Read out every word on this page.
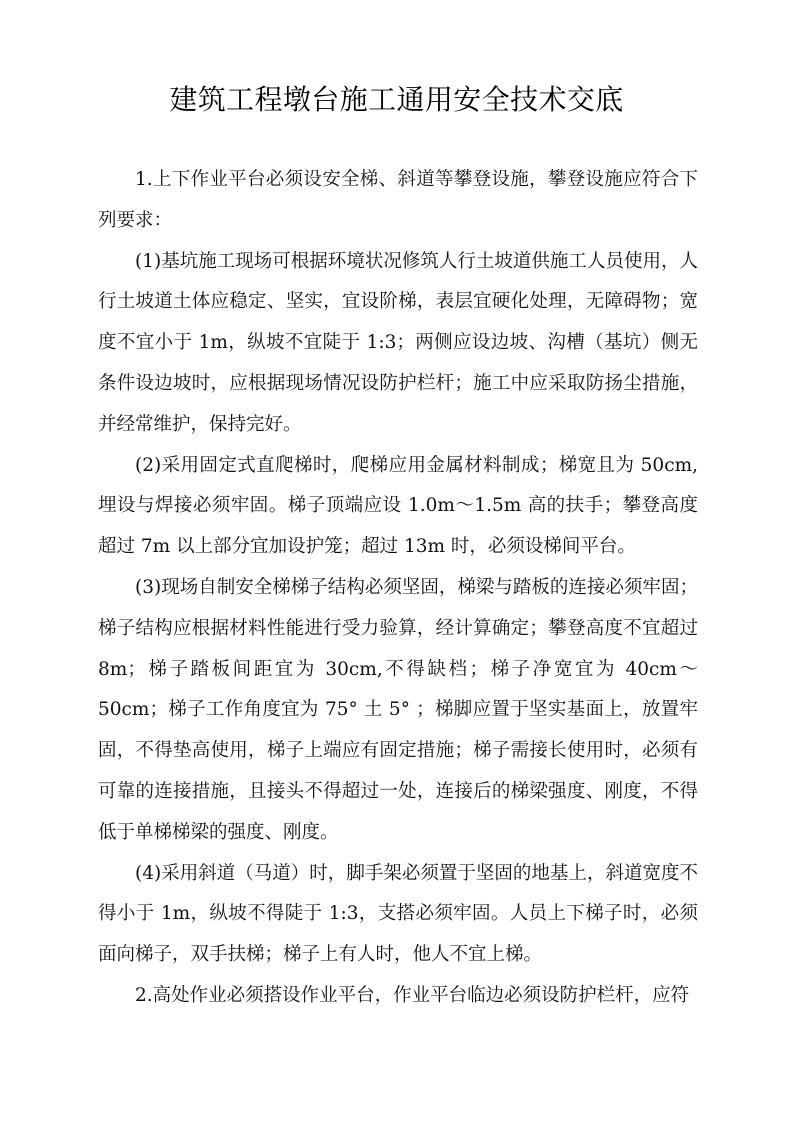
建筑工程墩台施工通用安全技术交底

1.上下作业平台必须设安全梯、斜道等攀登设施，攀登设施应符合下列要求：

(1)基坑施工现场可根据环境状况修筑人行土坡道供施工人员使用，人行土坡道土体应稳定、坚实，宜设阶梯，表层宜硬化处理，无障碍物；宽度不宜小于 1m，纵坡不宜陡于 1:3；两侧应设边坡、沟槽（基坑）侧无条件设边坡时，应根据现场情况设防护栏杆；施工中应采取防扬尘措施，并经常维护，保持完好。

(2)采用固定式直爬梯时，爬梯应用金属材料制成；梯宽且为 50cm,埋设与焊接必须牢固。梯子顶端应设 1.0m～1.5m 高的扶手；攀登高度超过 7m 以上部分宜加设护笼；超过 13m 时，必须设梯间平台。

(3)现场自制安全梯梯子结构必须坚固，梯梁与踏板的连接必须牢固；梯子结构应根据材料性能进行受力验算，经计算确定；攀登高度不宜超过8m；梯子踏板间距宜为 30cm,不得缺档；梯子净宽宜为 40cm～50cm；梯子工作角度宜为 75° 土 5° ；梯脚应置于坚实基面上，放置牢固，不得垫高使用，梯子上端应有固定措施；梯子需接长使用时，必须有可靠的连接措施，且接头不得超过一处，连接后的梯梁强度、刚度，不得低于单梯梯梁的强度、刚度。

(4)采用斜道（马道）时，脚手架必须置于坚固的地基上，斜道宽度不得小于 1m，纵坡不得陡于 1:3，支搭必须牢固。人员上下梯子时，必须面向梯子，双手扶梯；梯子上有人时，他人不宜上梯。

2.高处作业必须搭设作业平台，作业平台临边必须设防护栏杆，应符
